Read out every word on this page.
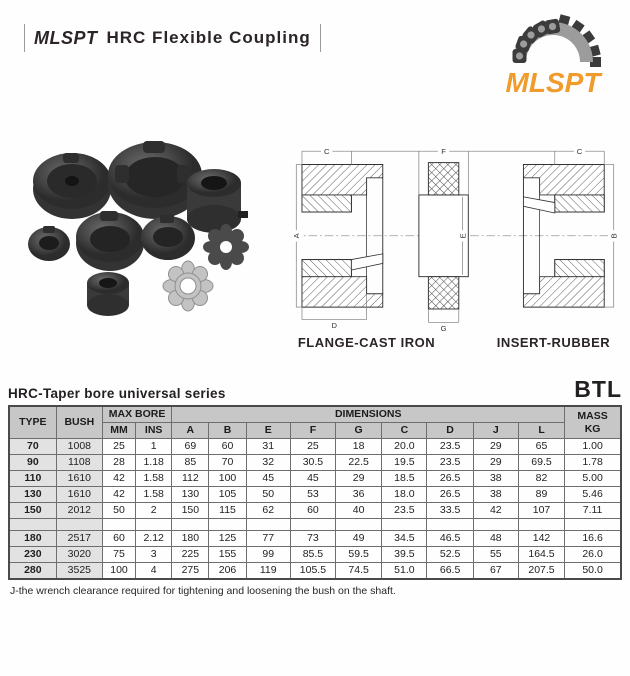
MLSPT HRC Flexible Coupling
MLSPT
C	F	C
A	B
D	G
E
FLANGE-CAST IRON	INSERT-RUBBER
HRC-Taper bore universal series	BTL
TYPE	BUSH	MAX BORE		DIMENSIONS									MASS
KG
		MM	INS	A	B	E	F	G	C	D	J	L	
70	1008	25	1	69	60	31	25	18	20.0	23.5	29	65	1.00
90	1108	28	1.18	85	70	32	30.5	22.5	19.5	23.5	29	69.5	1.78
110	1610	42	1.58	112	100	45	45	29	18.5	26.5	38	82	5.00
130	1610	42	1.58	130	105	50	53	36	18.0	26.5	38	89	5.46
150	2012	50	2	150	115	62	60	40	23.5	33.5	42	107	7.11

180	2517	60	2.12	180	125	77	73	49	34.5	46.5	48	142	16.6
230	3020	75	3	225	155	99	85.5	59.5	39.5	52.5	55	164.5	26.0
280	3525	100	4	275	206	119	105.5	74.5	51.0	66.5	67	207.5	50.0
J-the wrench clearance required for tightening and loosening the bush on the shaft.
